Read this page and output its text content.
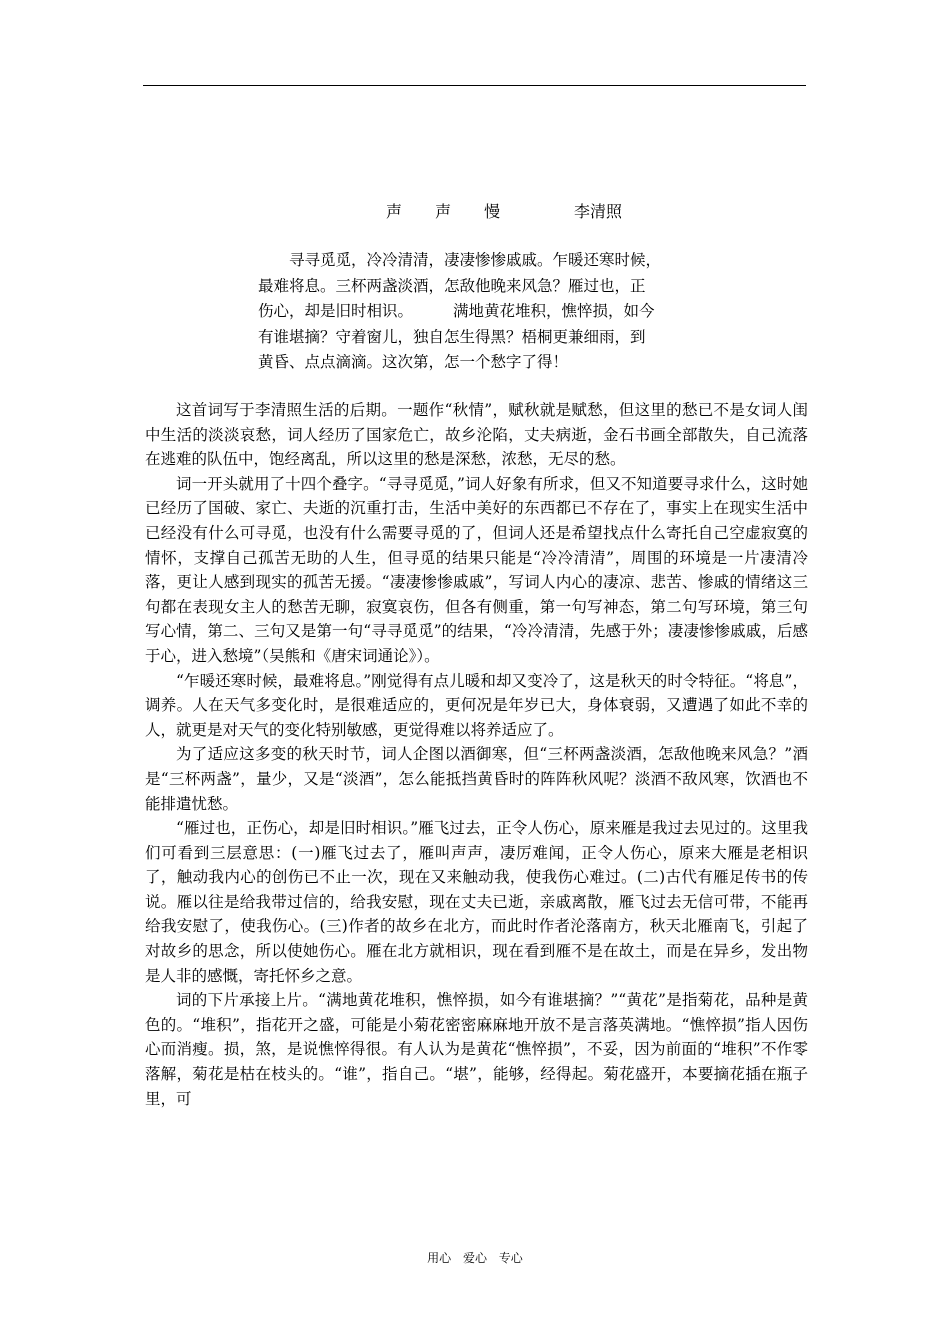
声 声 慢	李清照
寻寻觅觅，冷冷清清，凄凄惨惨戚戚。乍暖还寒时候，
最难将息。三杯两盏淡酒，怎敌他晚来风急？雁过也，正
伤心，却是旧时相识。	满地黄花堆积，憔悴损，如今
有谁堪摘？守着窗儿，独自怎生得黑？梧桐更兼细雨，到
黄昏、点点滴滴。这次第，怎一个愁字了得！

这首词写于李清照生活的后期。一题作“秋情”，赋秋就是赋愁，但这里的愁已不是女词人闺中生活的淡淡哀愁，词人经历了国家危亡，故乡沦陷，丈夫病逝，金石书画全部散失，自己流落在逃难的队伍中，饱经离乱，所以这里的愁是深愁，浓愁，无尽的愁。

词一开头就用了十四个叠字。“寻寻觅觅，”词人好象有所求，但又不知道要寻求什么，这时她已经历了国破、家亡、夫逝的沉重打击，生活中美好的东西都已不存在了，事实上在现实生活中已经没有什么可寻觅，也没有什么需要寻觅的了，但词人还是希望找点什么寄托自己空虚寂寞的情怀，支撑自己孤苦无助的人生，但寻觅的结果只能是“冷冷清清”，周围的环境是一片凄清冷落，更让人感到现实的孤苦无援。“凄凄惨惨戚戚”，写词人内心的凄凉、悲苦、惨戚的情绪这三句都在表现女主人的愁苦无聊，寂寞哀伤，但各有侧重，第一句写神态，第二句写环境，第三句写心情，第二、三句又是第一句“寻寻觅觅”的结果，“冷冷清清，先感于外；凄凄惨惨戚戚，后感于心，进入愁境”（吴熊和《唐宋词通论》）。

“乍暖还寒时候，最难将息。”刚觉得有点儿暖和却又变冷了，这是秋天的时令特征。“将息”，调养。人在天气多变化时，是很难适应的，更何况是年岁已大，身体衰弱，又遭遇了如此不幸的人，就更是对天气的变化特别敏感，更觉得难以将养适应了。

为了适应这多变的秋天时节，词人企图以酒御寒，但“三杯两盏淡酒，怎敌他晚来风急？”酒是“三杯两盏”，量少，又是“淡酒”，怎么能抵挡黄昏时的阵阵秋风呢？淡酒不敌风寒，饮酒也不能排遣忧愁。

“雁过也，正伤心，却是旧时相识。”雁飞过去，正令人伤心，原来雁是我过去见过的。这里我们可看到三层意思：(一)雁飞过去了，雁叫声声，凄厉难闻，正令人伤心，原来大雁是老相识了，触动我内心的创伤已不止一次，现在又来触动我，使我伤心难过。(二)古代有雁足传书的传说。雁以往是给我带过信的，给我安慰，现在丈夫已逝，亲戚离散，雁飞过去无信可带，不能再给我安慰了，使我伤心。(三)作者的故乡在北方，而此时作者沦落南方，秋天北雁南飞，引起了对故乡的思念，所以使她伤心。雁在北方就相识，现在看到雁不是在故土，而是在异乡，发出物是人非的感慨，寄托怀乡之意。

词的下片承接上片。“满地黄花堆积，憔悴损，如今有谁堪摘？”“黄花”是指菊花，品种是黄色的。“堆积”，指花开之盛，可能是小菊花密密麻麻地开放不是言落英满地。“憔悴损”指人因伤心而消瘦。损，煞，是说憔悴得很。有人认为是黄花“憔悴损”，不妥，因为前面的“堆积”不作零落解，菊花是枯在枝头的。“谁”，指自己。“堪”，能够，经得起。菊花盛开，本要摘花插在瓶子里，可

用心 爱心 专心
